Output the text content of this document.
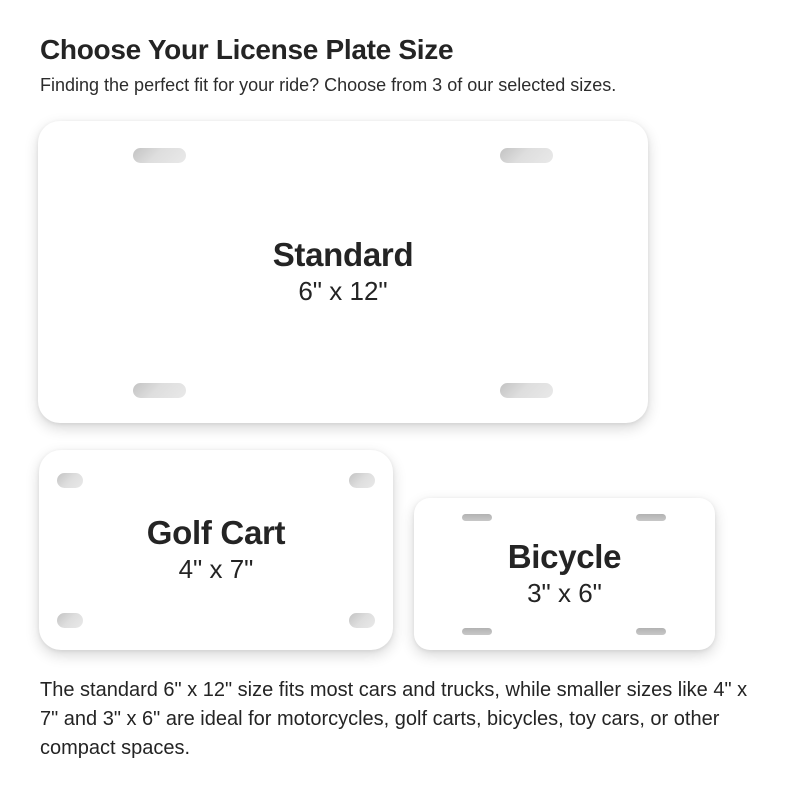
Choose Your License Plate Size

Finding the perfect fit for your ride? Choose from 3 of our selected sizes.

Standard
6" x 12"
Golf Cart
4" x 7"	Bicycle
3" x 6"

The standard 6" x 12" size fits most cars and trucks, while smaller sizes like 4" x 7" and 3" x 6" are ideal for motorcycles, golf carts, bicycles, toy cars, or other compact spaces.
